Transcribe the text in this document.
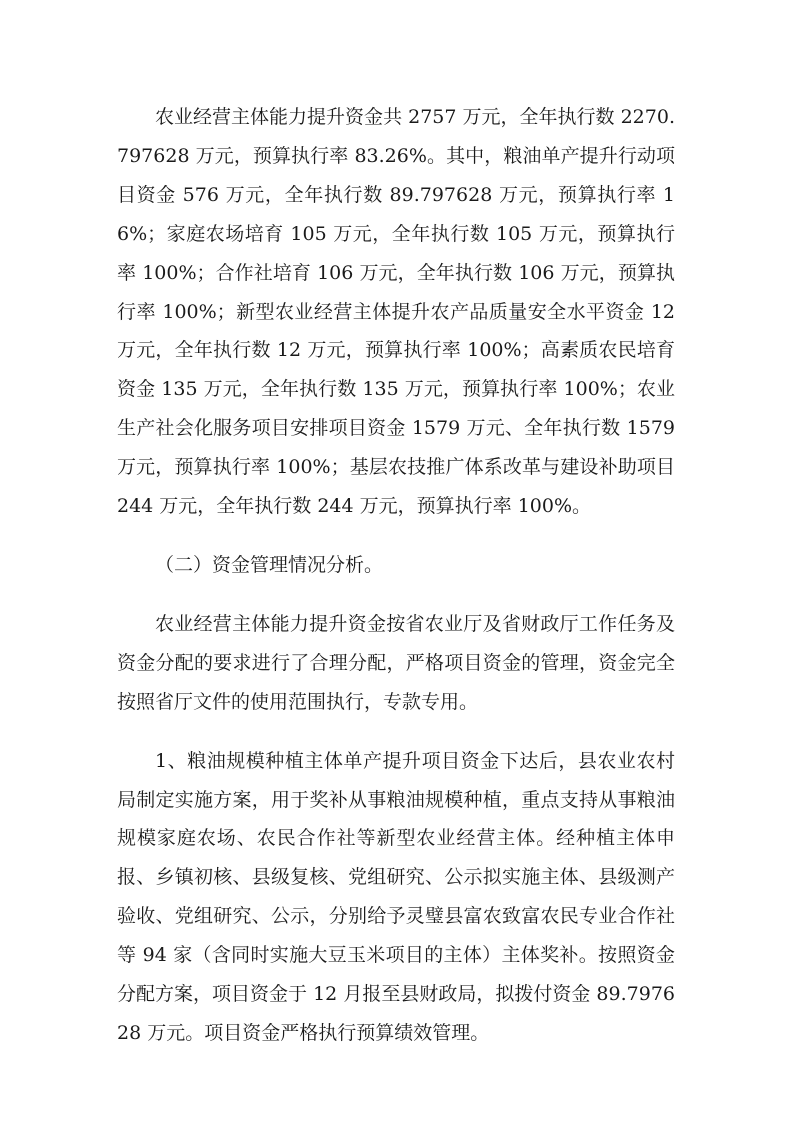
农业经营主体能力提升资金共 2757 万元，全年执行数 2270.797628 万元，预算执行率 83.26%。其中，粮油单产提升行动项目资金 576 万元，全年执行数 89.797628 万元，预算执行率 16%；家庭农场培育 105 万元，全年执行数 105 万元，预算执行率 100%；合作社培育 106 万元，全年执行数 106 万元，预算执行率 100%；新型农业经营主体提升农产品质量安全水平资金 12 万元，全年执行数 12 万元，预算执行率 100%；高素质农民培育资金 135 万元，全年执行数 135 万元，预算执行率 100%；农业生产社会化服务项目安排项目资金 1579 万元、全年执行数 1579 万元，预算执行率 100%；基层农技推广体系改革与建设补助项目 244 万元，全年执行数 244 万元，预算执行率 100%。

（二）资金管理情况分析。

农业经营主体能力提升资金按省农业厅及省财政厅工作任务及资金分配的要求进行了合理分配，严格项目资金的管理，资金完全按照省厅文件的使用范围执行，专款专用。

1、粮油规模种植主体单产提升项目资金下达后，县农业农村局制定实施方案，用于奖补从事粮油规模种植，重点支持从事粮油规模家庭农场、农民合作社等新型农业经营主体。经种植主体申报、乡镇初核、县级复核、党组研究、公示拟实施主体、县级测产验收、党组研究、公示，分别给予灵璧县富农致富农民专业合作社等 94 家（含同时实施大豆玉米项目的主体）主体奖补。按照资金分配方案，项目资金于 12 月报至县财政局，拟拨付资金 89.797628 万元。项目资金严格执行预算绩效管理。
